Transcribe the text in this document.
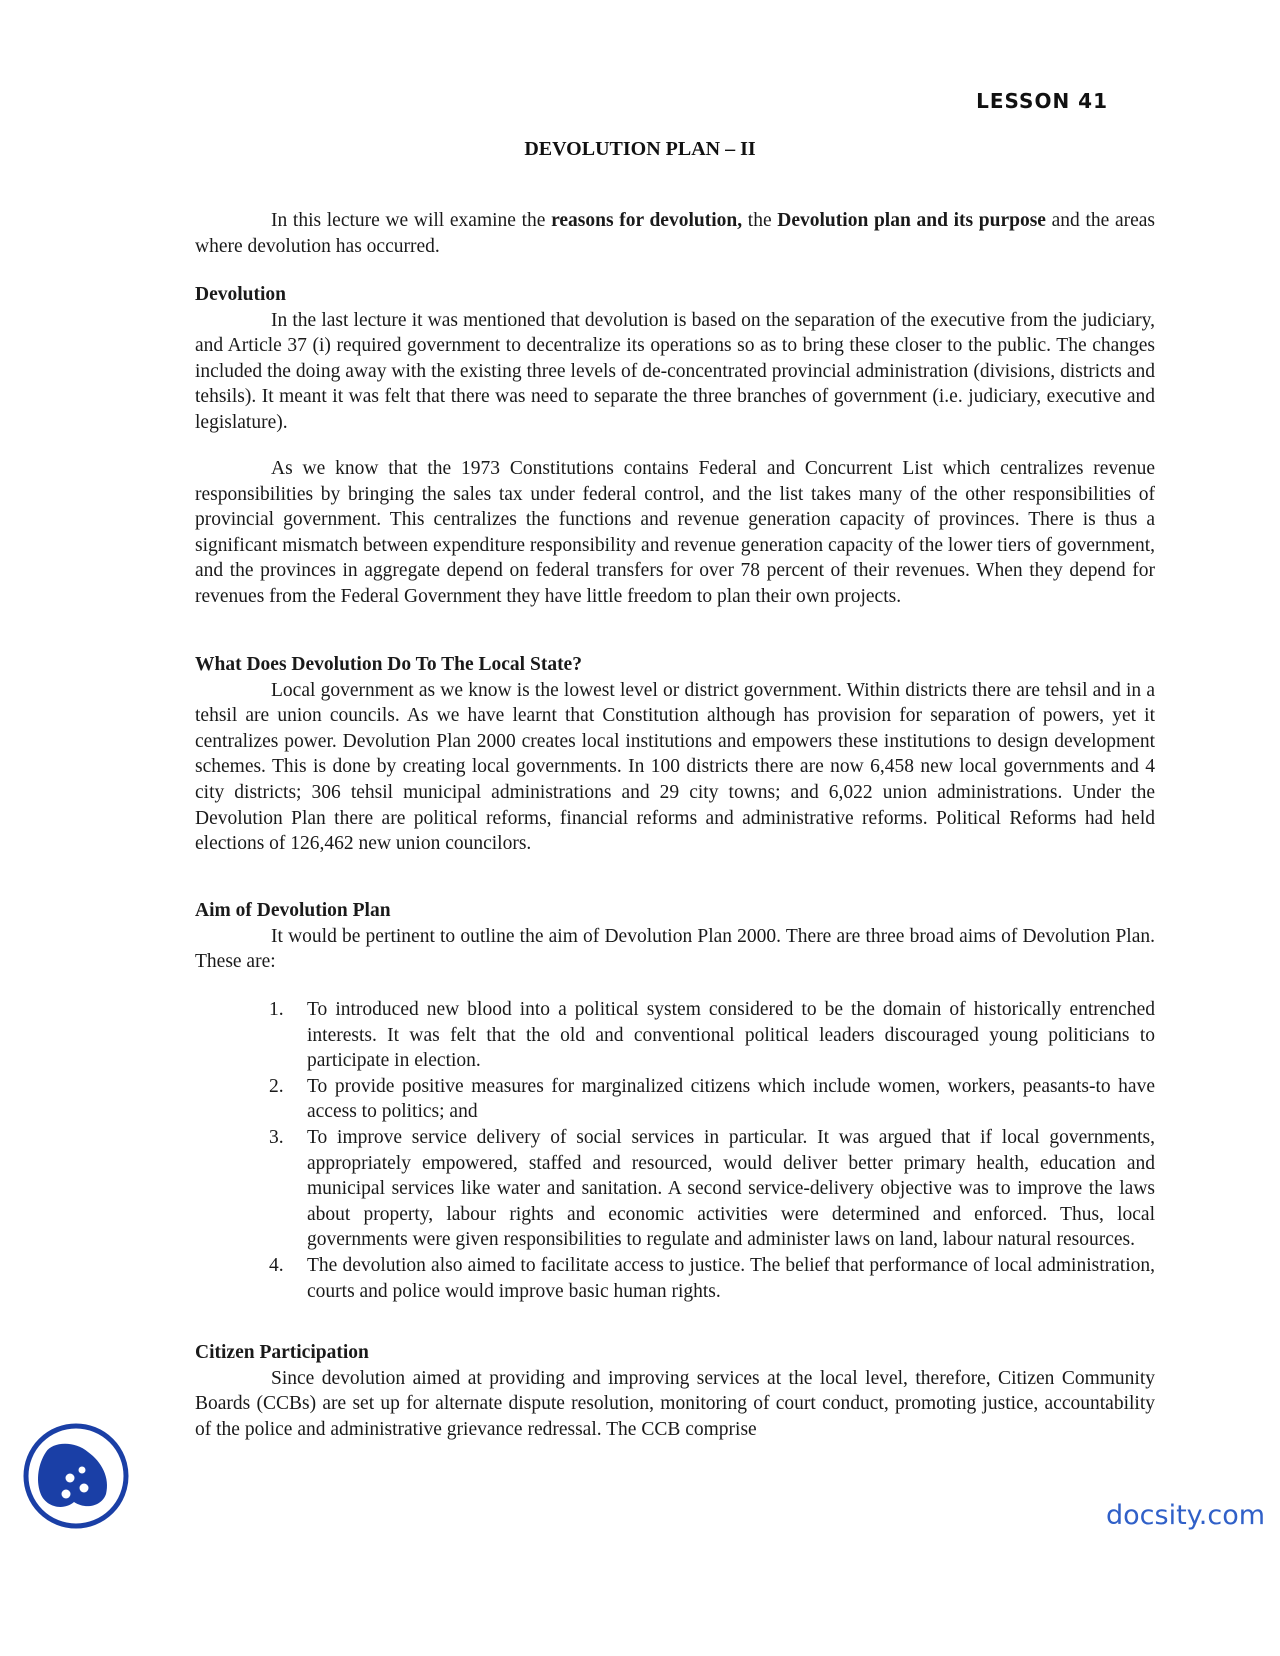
LESSON 41
DEVOLUTION PLAN – II

In this lecture we will examine the reasons for devolution, the Devolution plan and its purpose and the areas where devolution has occurred.

Devolution

In the last lecture it was mentioned that devolution is based on the separation of the executive from the judiciary, and Article 37 (i) required government to decentralize its operations so as to bring these closer to the public. The changes included the doing away with the existing three levels of de-concentrated provincial administration (divisions, districts and tehsils). It meant it was felt that there was need to separate the three branches of government (i.e. judiciary, executive and legislature).

As we know that the 1973 Constitutions contains Federal and Concurrent List which centralizes revenue responsibilities by bringing the sales tax under federal control, and the list takes many of the other responsibilities of provincial government. This centralizes the functions and revenue generation capacity of provinces. There is thus a significant mismatch between expenditure responsibility and revenue generation capacity of the lower tiers of government, and the provinces in aggregate depend on federal transfers for over 78 percent of their revenues. When they depend for revenues from the Federal Government they have little freedom to plan their own projects.

What Does Devolution Do To The Local State?

Local government as we know is the lowest level or district government. Within districts there are tehsil and in a tehsil are union councils. As we have learnt that Constitution although has provision for separation of powers, yet it centralizes power. Devolution Plan 2000 creates local institutions and empowers these institutions to design development schemes. This is done by creating local governments. In 100 districts there are now 6,458 new local governments and 4 city districts; 306 tehsil municipal administrations and 29 city towns; and 6,022 union administrations. Under the Devolution Plan there are political reforms, financial reforms and administrative reforms. Political Reforms had held elections of 126,462 new union councilors.

Aim of Devolution Plan

It would be pertinent to outline the aim of Devolution Plan 2000. There are three broad aims of Devolution Plan. These are:

1. To introduced new blood into a political system considered to be the domain of historically entrenched interests. It was felt that the old and conventional political leaders discouraged young politicians to participate in election.
2. To provide positive measures for marginalized citizens which include women, workers, peasants-to have access to politics; and
3. To improve service delivery of social services in particular. It was argued that if local governments, appropriately empowered, staffed and resourced, would deliver better primary health, education and municipal services like water and sanitation. A second service-delivery objective was to improve the laws about property, labour rights and economic activities were determined and enforced. Thus, local governments were given responsibilities to regulate and administer laws on land, labour natural resources.
4. The devolution also aimed to facilitate access to justice. The belief that performance of local administration, courts and police would improve basic human rights.

Citizen Participation

Since devolution aimed at providing and improving services at the local level, therefore, Citizen Community Boards (CCBs) are set up for alternate dispute resolution, monitoring of court conduct, promoting justice, accountability of the police and administrative grievance redressal. The CCB comprise

docsity.com
